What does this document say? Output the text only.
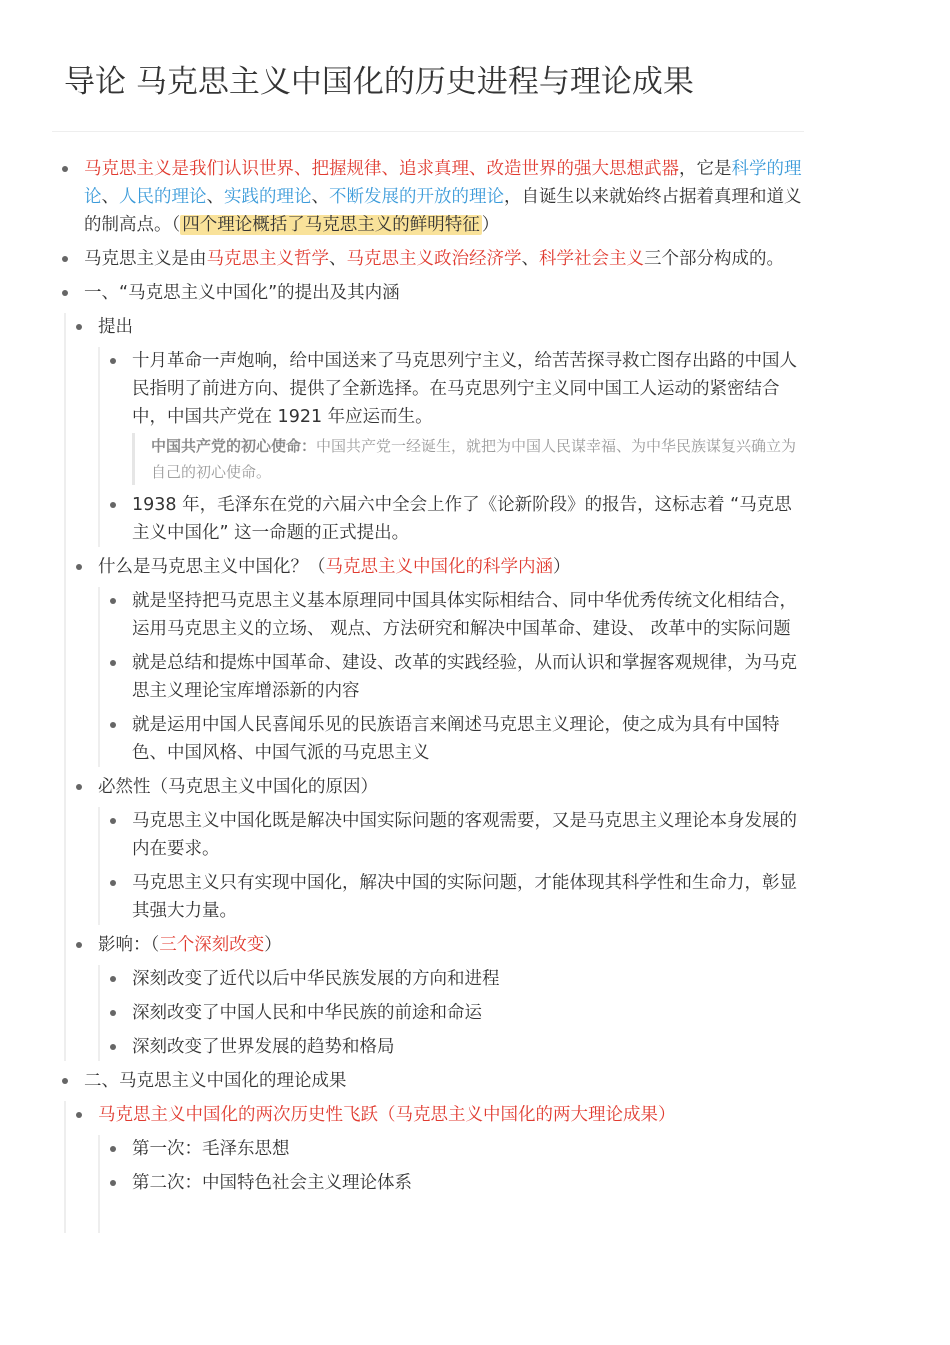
导论 马克思主义中国化的历史进程与理论成果
马克思主义是我们认识世界、把握规律、追求真理、改造世界的强大思想武器，它是科学的理论、人民的理论、实践的理论、不断发展的开放的理论，自诞生以来就始终占据着真理和道义的制高点。（ 四个理论概括了马克思主义的鲜明特征 ）
马克思主义是由马克思主义哲学、马克思主义政治经济学、科学社会主义三个部分构成的。
一、“马克思主义中国化”的提出及其内涵
提出
十月革命一声炮响，给中国送来了马克思列宁主义，给苦苦探寻救亡图存出路的中国人民指明了前进方向、提供了全新选择。在马克思列宁主义同中国工人运动的紧密结合中，中国共产党在 1921 年应运而生。
中国共产党的初心使命：中国共产党一经诞生，就把为中国人民谋幸福、为中华民族谋复兴确立为自己的初心使命。
1938 年，毛泽东在党的六届六中全会上作了《论新阶段》的报告，这标志着 “马克思主义中国化” 这一命题的正式提出。
什么是马克思主义中国化？（马克思主义中国化的科学内涵）
就是坚持把马克思主义基本原理同中国具体实际相结合、同中华优秀传统文化相结合，运用马克思主义的立场、 观点、方法研究和解决中国革命、建设、 改革中的实际问题
就是总结和提炼中国革命、建设、改革的实践经验，从而认识和掌握客观规律，为马克思主义理论宝库增添新的内容
就是运用中国人民喜闻乐见的民族语言来阐述马克思主义理论，使之成为具有中国特色、中国风格、中国气派的马克思主义
必然性（马克思主义中国化的原因）
马克思主义中国化既是解决中国实际问题的客观需要，又是马克思主义理论本身发展的内在要求。
马克思主义只有实现中国化，解决中国的实际问题，才能体现其科学性和生命力，彰显其强大力量。
影响：（三个深刻改变）
深刻改变了近代以后中华民族发展的方向和进程
深刻改变了中国人民和中华民族的前途和命运
深刻改变了世界发展的趋势和格局
二、马克思主义中国化的理论成果
马克思主义中国化的两次历史性飞跃（马克思主义中国化的两大理论成果）
第一次：毛泽东思想
第二次：中国特色社会主义理论体系
